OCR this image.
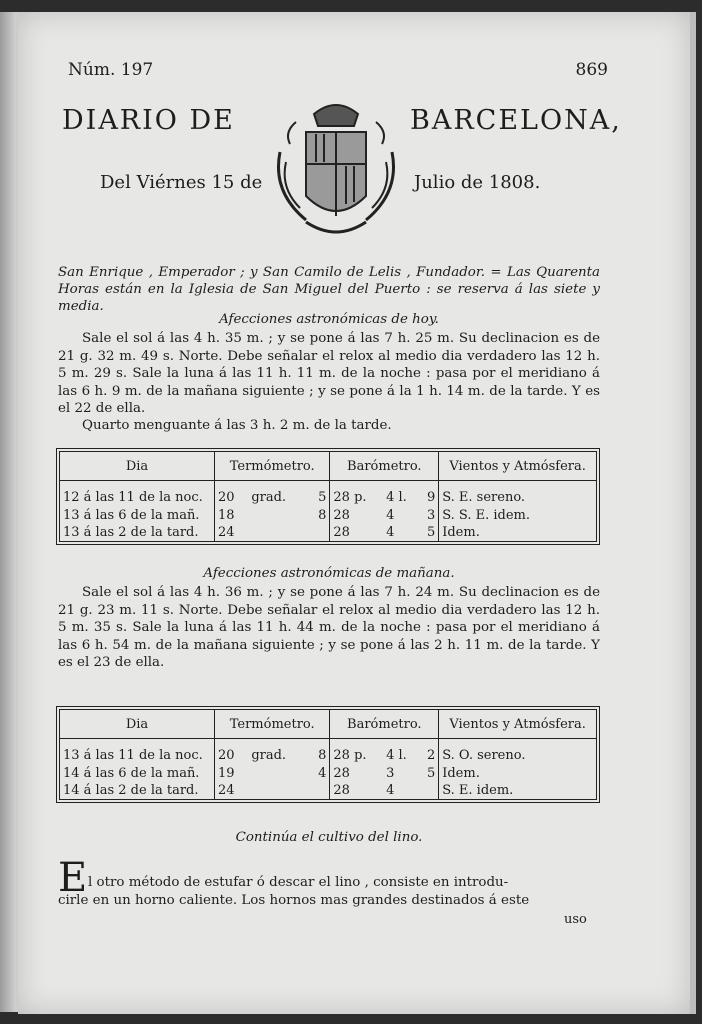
Núm. 197	869
DIARIO DE	BARCELONA,
Del Viérnes 15 de	Julio de 1808.
San Enrique , Emperador ; y San Camilo de Lelis , Fundador. = Las Quarenta Horas están en la Iglesia de San Miguel del Puerto : se reserva á las siete y media.
Afecciones astronómicas de hoy.
Sale el sol á las 4 h. 35 m. ; y se pone á las 7 h. 25 m. Su declinacion es de 21 g. 32 m. 49 s. Norte. Debe señalar el relox al medio dia verdadero las 12 h. 5 m. 29 s. Sale la luna á las 11 h. 11 m. de la noche : pasa por el meridiano á las 6 h. 9 m. de la mañana siguiente ; y se pone á la 1 h. 14 m. de la tarde. Y es el 22 de ella.
Quarto menguante á las 3 h. 2 m. de la tarde.
Dia	Termómetro.			Barómetro.			Vientos y Atmósfera.
12 á las 11 de la noc.	20	grad.	5	28 p.	4 l.	9	S. E. sereno.
13 á las 6 de la mañ.	18		8	28	4	3	S. S. E. idem.
13 á las 2 de la tard.	24			28	4	5	Idem.
Afecciones astronómicas de mañana.
Sale el sol á las 4 h. 36 m. ; y se pone á las 7 h. 24 m. Su declinacion es de 21 g. 23 m. 11 s. Norte. Debe señalar el relox al medio dia verdadero las 12 h. 5 m. 35 s. Sale la luna á las 11 h. 44 m. de la noche : pasa por el meridiano á las 6 h. 54 m. de la mañana siguiente ; y se pone á las 2 h. 11 m. de la tarde. Y es el 23 de ella.
Dia	Termómetro.			Barómetro.			Vientos y Atmósfera.
13 á las 11 de la noc.	20	grad.	8	28 p.	4 l.	2	S. O. sereno.
14 á las 6 de la mañ.	19		4	28	3	5	Idem.
14 á las 2 de la tard.	24			28	4		S. E. idem.
Continúa el cultivo del lino.
E l otro método de estufar ó descar el lino , consiste en introdu-
cirle en un horno caliente. Los hornos mas grandes destinados á este
uso
